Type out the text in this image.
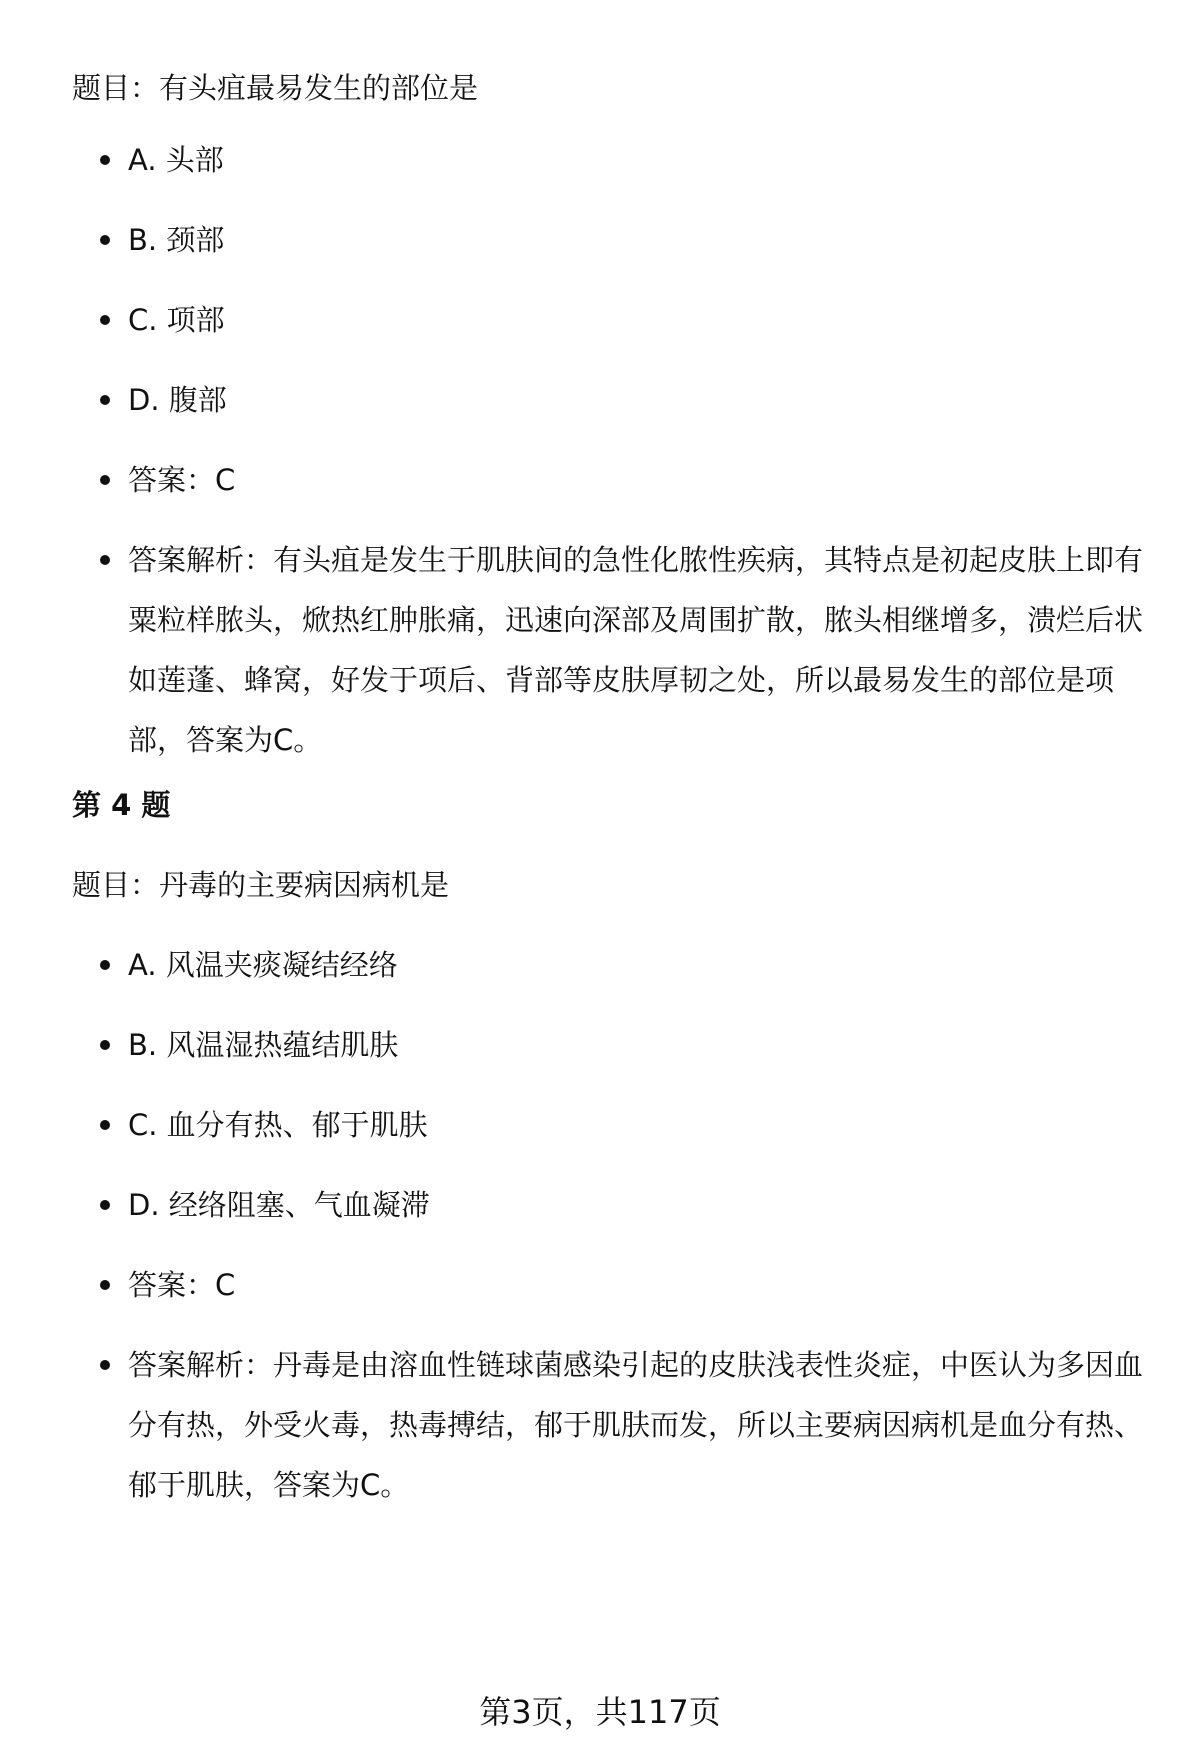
题目：有头疽最易发生的部位是

A. 头部
B. 颈部
C. 项部
D. 腹部
答案：C
答案解析：有头疽是发生于肌肤间的急性化脓性疾病，其特点是初起皮肤上即有粟粒样脓头，焮热红肿胀痛，迅速向深部及周围扩散，脓头相继增多，溃烂后状如莲蓬、蜂窝，好发于项后、背部等皮肤厚韧之处，所以最易发生的部位是项部，答案为C。

第 4 题

题目：丹毒的主要病因病机是

A. 风温夹痰凝结经络
B. 风温湿热蕴结肌肤
C. 血分有热、郁于肌肤
D. 经络阻塞、气血凝滞
答案：C
答案解析：丹毒是由溶血性链球菌感染引起的皮肤浅表性炎症，中医认为多因血分有热，外受火毒，热毒搏结，郁于肌肤而发，所以主要病因病机是血分有热、郁于肌肤，答案为C。
第3页，共117页
